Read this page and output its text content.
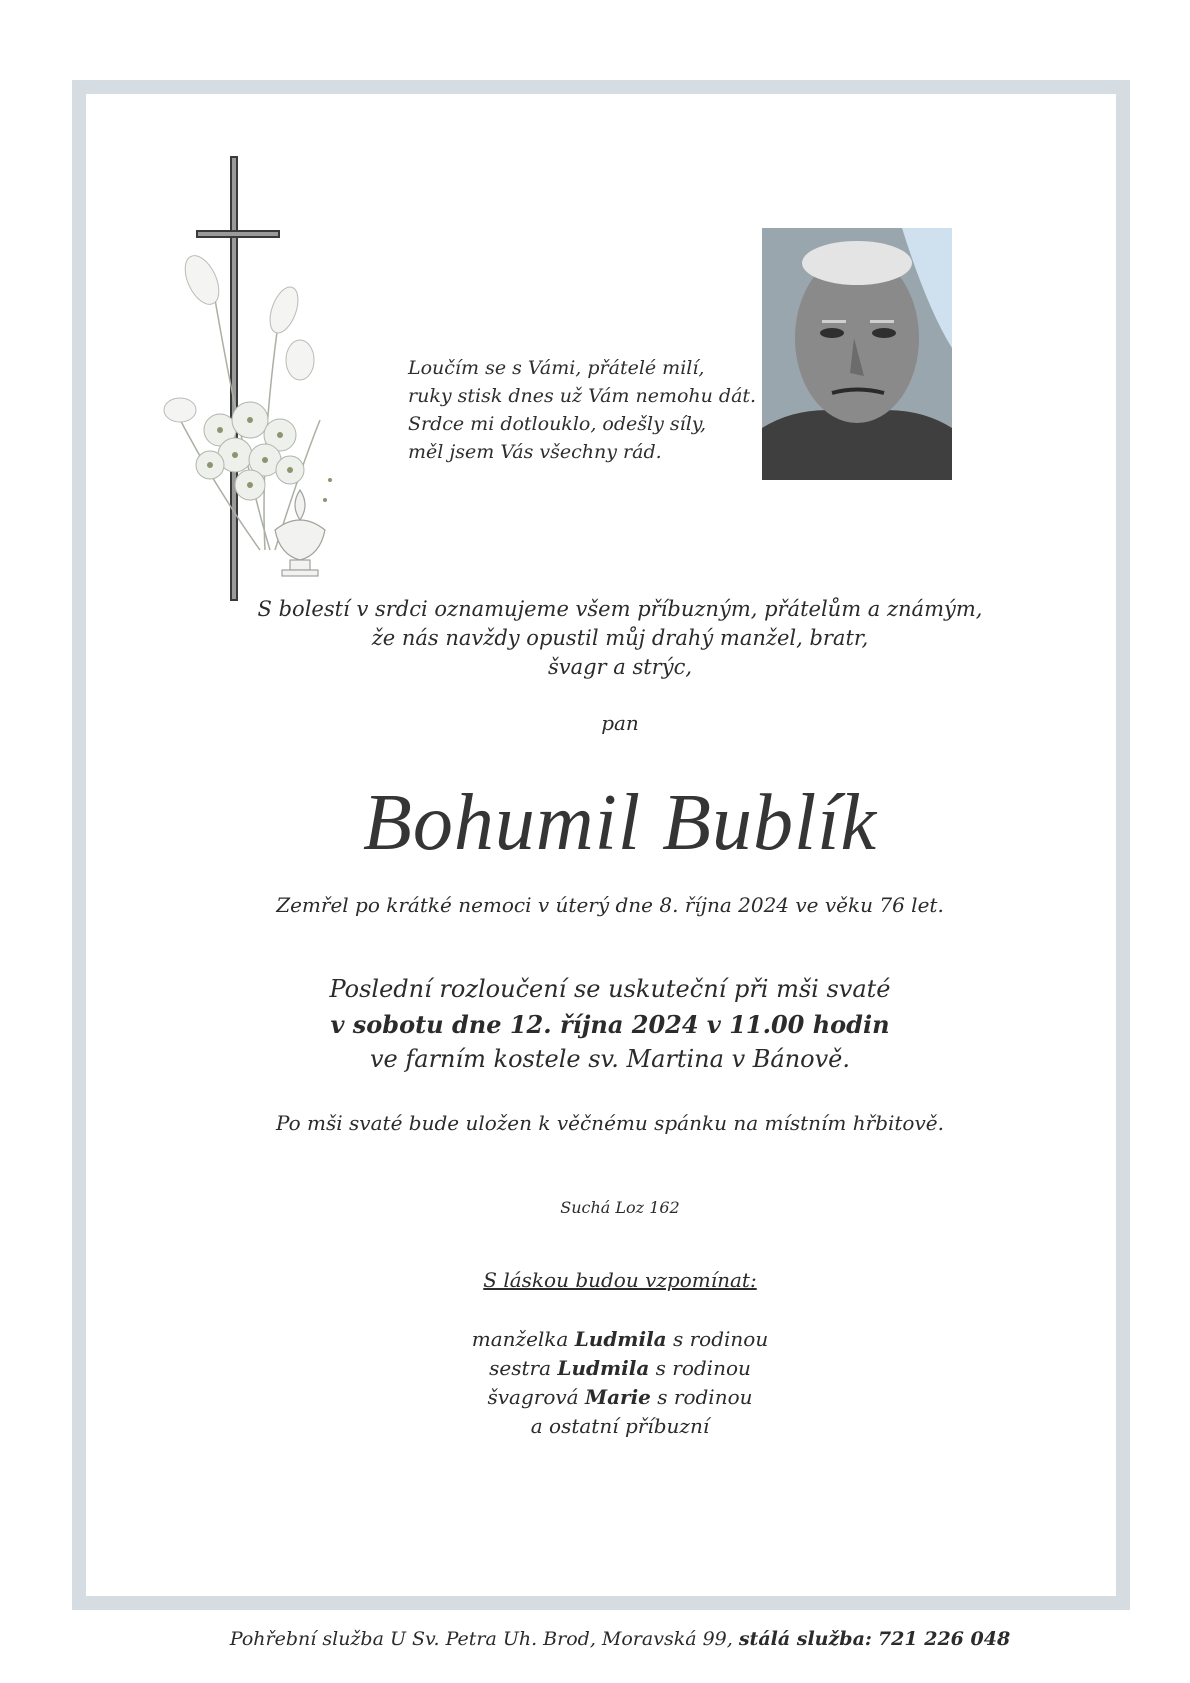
Loučím se s Vámi, přátelé milí,

ruky stisk dnes už Vám nemohu dát.

Srdce mi dotlouklo, odešly síly,

měl jsem Vás všechny rád.

S bolestí v srdci oznamujeme všem příbuzným, přátelům a známým,

že nás navždy opustil můj drahý manžel, bratr,

švagr a strýc,

pan
Bohumil Bublík
Zemřel po krátké nemoci v úterý dne 8. října 2024 ve věku 76 let.

Poslední rozloučení se uskuteční při mši svaté

v sobotu dne 12. října 2024 v 11.00 hodin

ve farním kostele sv. Martina v Bánově.

Po mši svaté bude uložen k věčnému spánku na místním hřbitově.
Suchá Loz 162
S láskou budou vzpomínat:

manželka Ludmila s rodinou

sestra Ludmila s rodinou

švagrová Marie s rodinou

a ostatní příbuzní

Pohřební služba U Sv. Petra Uh. Brod, Moravská 99, stálá služba: 721 226 048
